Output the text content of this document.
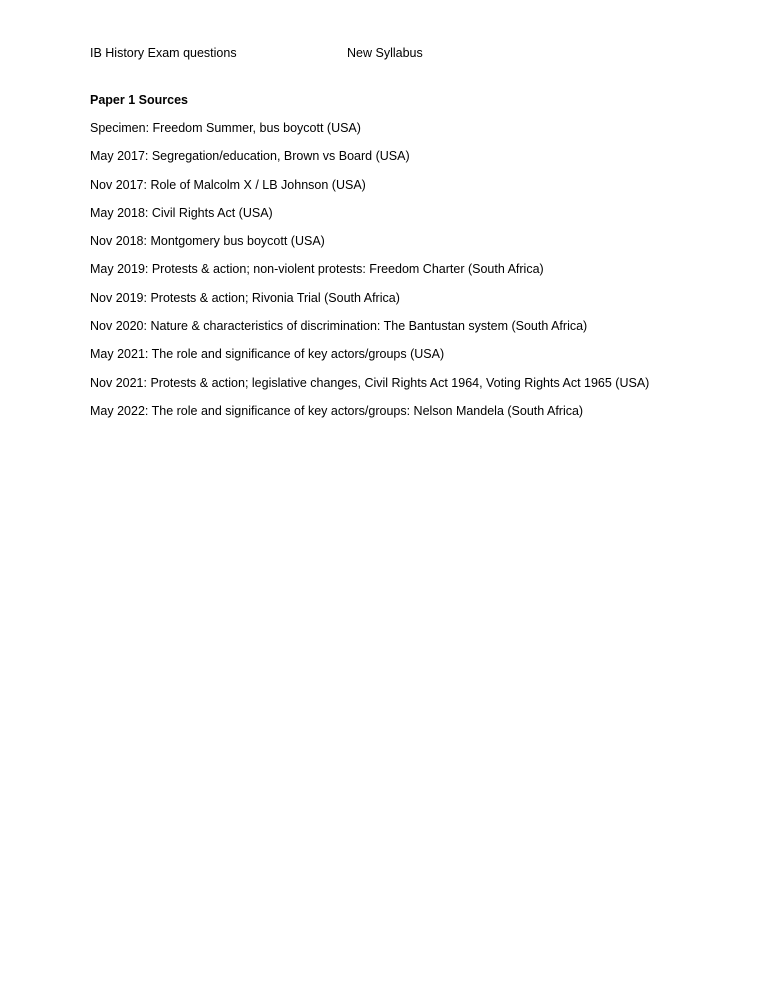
IB History Exam questions	New Syllabus
Paper 1 Sources
Specimen: Freedom Summer, bus boycott (USA)
May 2017: Segregation/education, Brown vs Board (USA)
Nov 2017: Role of Malcolm X / LB Johnson (USA)
May 2018: Civil Rights Act (USA)
Nov 2018: Montgomery bus boycott (USA)
May 2019: Protests & action; non-violent protests: Freedom Charter (South Africa)
Nov 2019: Protests & action; Rivonia Trial (South Africa)
Nov 2020: Nature & characteristics of discrimination: The Bantustan system (South Africa)
May 2021: The role and significance of key actors/groups (USA)
Nov 2021: Protests & action; legislative changes, Civil Rights Act 1964, Voting Rights Act 1965 (USA)
May 2022: The role and significance of key actors/groups: Nelson Mandela (South Africa)
